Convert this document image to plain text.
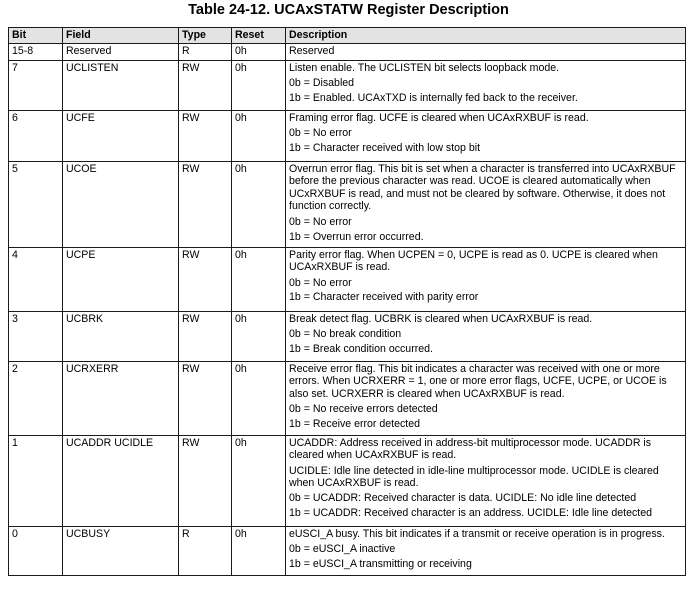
Table 24-12. UCAxSTATW Register Description
Bit	Field	Type	Reset	Description
15-8	Reserved	R	0h	Reserved

7	UCLISTEN	RW	0h	Listen enable. The UCLISTEN bit selects loopback mode.
0b = Disabled
1b = Enabled. UCAxTXD is internally fed back to the receiver.

6	UCFE	RW	0h	Framing error flag. UCFE is cleared when UCAxRXBUF is read.
0b = No error
1b = Character received with low stop bit

5	UCOE	RW	0h	Overrun error flag. This bit is set when a character is transferred into UCAxRXBUF before the previous character was read. UCOE is cleared automatically when UCxRXBUF is read, and must not be cleared by software. Otherwise, it does not function correctly.
0b = No error
1b = Overrun error occurred.

4	UCPE	RW	0h	Parity error flag. When UCPEN = 0, UCPE is read as 0. UCPE is cleared when UCAxRXBUF is read.
0b = No error
1b = Character received with parity error

3	UCBRK	RW	0h	Break detect flag. UCBRK is cleared when UCAxRXBUF is read.
0b = No break condition
1b = Break condition occurred.

2	UCRXERR	RW	0h	Receive error flag. This bit indicates a character was received with one or more errors. When UCRXERR = 1, one or more error flags, UCFE, UCPE, or UCOE is also set. UCRXERR is cleared when UCAxRXBUF is read.
0b = No receive errors detected
1b = Receive error detected

1	UCADDR UCIDLE	RW	0h	UCADDR: Address received in address-bit multiprocessor mode. UCADDR is cleared when UCAxRXBUF is read.
UCIDLE: Idle line detected in idle-line multiprocessor mode. UCIDLE is cleared when UCAxRXBUF is read.
0b = UCADDR: Received character is data. UCIDLE: No idle line detected
1b = UCADDR: Received character is an address. UCIDLE: Idle line detected

0	UCBUSY	R	0h	eUSCI_A busy. This bit indicates if a transmit or receive operation is in progress.
0b = eUSCI_A inactive
1b = eUSCI_A transmitting or receiving
